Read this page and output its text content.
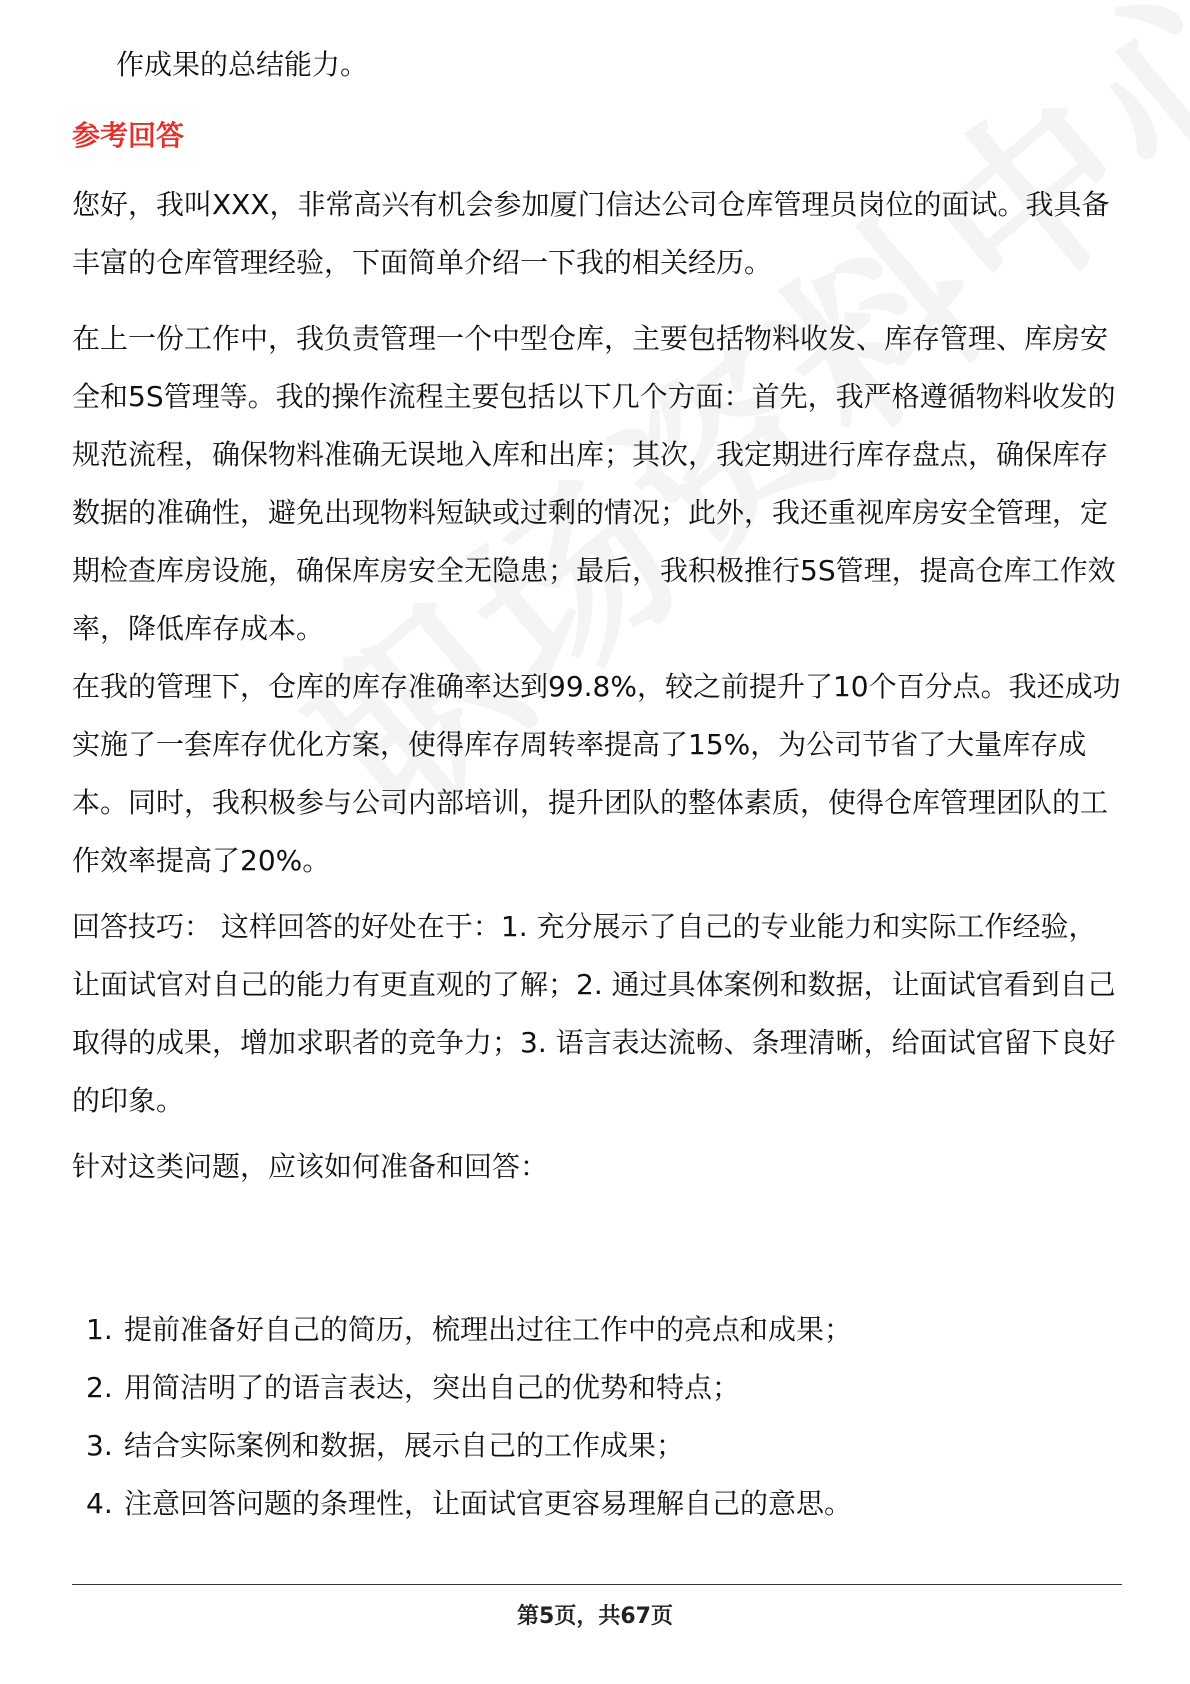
作成果的总结能力。

参考回答

您好，我叫XXX，非常高兴有机会参加厦门信达公司仓库管理员岗位的面试。我具备丰富的仓库管理经验，下面简单介绍一下我的相关经历。

在上一份工作中，我负责管理一个中型仓库，主要包括物料收发、库存管理、库房安全和5S管理等。我的操作流程主要包括以下几个方面：首先，我严格遵循物料收发的规范流程，确保物料准确无误地入库和出库；其次，我定期进行库存盘点，确保库存数据的准确性，避免出现物料短缺或过剩的情况；此外，我还重视库房安全管理，定期检查库房设施，确保库房安全无隐患；最后，我积极推行5S管理，提高仓库工作效率，降低库存成本。

在我的管理下，仓库的库存准确率达到99.8%，较之前提升了10个百分点。我还成功实施了一套库存优化方案，使得库存周转率提高了15%，为公司节省了大量库存成本。同时，我积极参与公司内部培训，提升团队的整体素质，使得仓库管理团队的工作效率提高了20%。

回答技巧： 这样回答的好处在于：1. 充分展示了自己的专业能力和实际工作经验，让面试官对自己的能力有更直观的了解；2. 通过具体案例和数据，让面试官看到自己取得的成果，增加求职者的竞争力；3. 语言表达流畅、条理清晰，给面试官留下良好的印象。

针对这类问题，应该如何准备和回答：

1. 提前准备好自己的简历，梳理出过往工作中的亮点和成果；
2. 用简洁明了的语言表达，突出自己的优势和特点；
3. 结合实际案例和数据，展示自己的工作成果；
4. 注意回答问题的条理性，让面试官更容易理解自己的意思。
第5页，共67页
